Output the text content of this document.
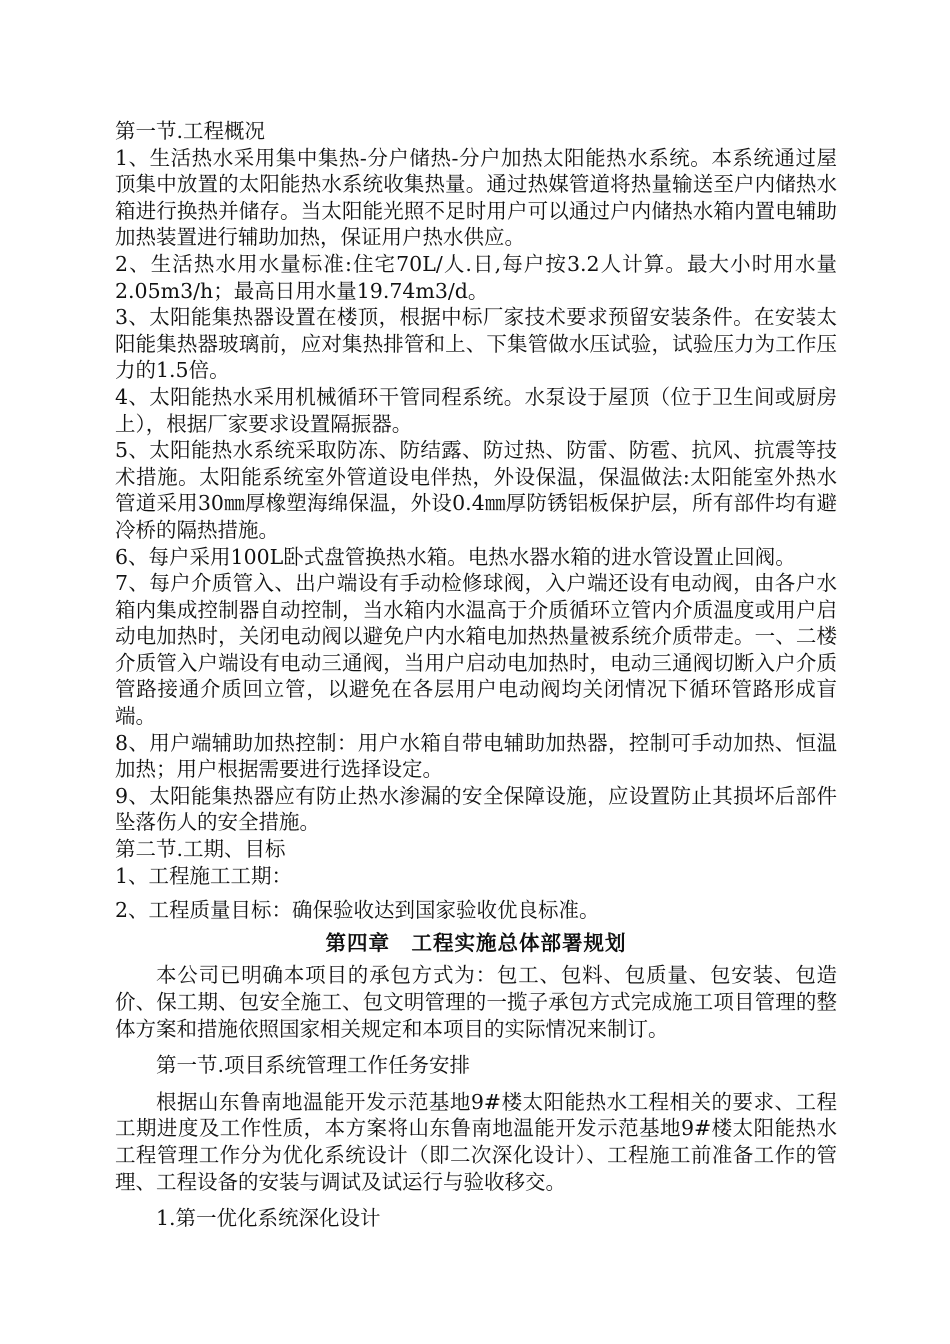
第一节.工程概况

1、生活热水采用集中集热-分户储热-分户加热太阳能热水系统。本系统通过屋顶集中放置的太阳能热水系统收集热量。通过热媒管道将热量输送至户内储热水箱进行换热并储存。当太阳能光照不足时用户可以通过户内储热水箱内置电辅助加热装置进行辅助加热，保证用户热水供应。

2、生活热水用水量标准:住宅70L/人.日,每户按3.2人计算。最大小时用水量2.05m3/h；最高日用水量19.74m3/d。

3、太阳能集热器设置在楼顶，根据中标厂家技术要求预留安装条件。在安装太阳能集热器玻璃前，应对集热排管和上、下集管做水压试验，试验压力为工作压力的1.5倍。

4、太阳能热水采用机械循环干管同程系统。水泵设于屋顶（位于卫生间或厨房上），根据厂家要求设置隔振器。

5、太阳能热水系统采取防冻、防结露、防过热、防雷、防雹、抗风、抗震等技术措施。太阳能系统室外管道设电伴热，外设保温，保温做法:太阳能室外热水管道采用30㎜厚橡塑海绵保温，外设0.4㎜厚防锈铝板保护层，所有部件均有避冷桥的隔热措施。

6、每户采用100L卧式盘管换热水箱。电热水器水箱的进水管设置止回阀。

7、每户介质管入、出户端设有手动检修球阀，入户端还设有电动阀，由各户水箱内集成控制器自动控制，当水箱内水温高于介质循环立管内介质温度或用户启动电加热时，关闭电动阀以避免户内水箱电加热热量被系统介质带走。一、二楼介质管入户端设有电动三通阀，当用户启动电加热时，电动三通阀切断入户介质管路接通介质回立管，以避免在各层用户电动阀均关闭情况下循环管路形成盲端。

8、用户端辅助加热控制：用户水箱自带电辅助加热器，控制可手动加热、恒温加热；用户根据需要进行选择设定。

9、太阳能集热器应有防止热水渗漏的安全保障设施，应设置防止其损坏后部件坠落伤人的安全措施。

第二节.工期、目标

1、工程施工工期：

2、工程质量目标：确保验收达到国家验收优良标准。

第四章　工程实施总体部署规划

本公司已明确本项目的承包方式为：包工、包料、包质量、包安装、包造价、保工期、包安全施工、包文明管理的一揽子承包方式完成施工项目管理的整体方案和措施依照国家相关规定和本项目的实际情况来制订。

第一节.项目系统管理工作任务安排

根据山东鲁南地温能开发示范基地9#楼太阳能热水工程相关的要求、工程工期进度及工作性质，本方案将山东鲁南地温能开发示范基地9#楼太阳能热水工程管理工作分为优化系统设计（即二次深化设计）、工程施工前准备工作的管理、工程设备的安装与调试及试运行与验收移交。

1.第一优化系统深化设计
